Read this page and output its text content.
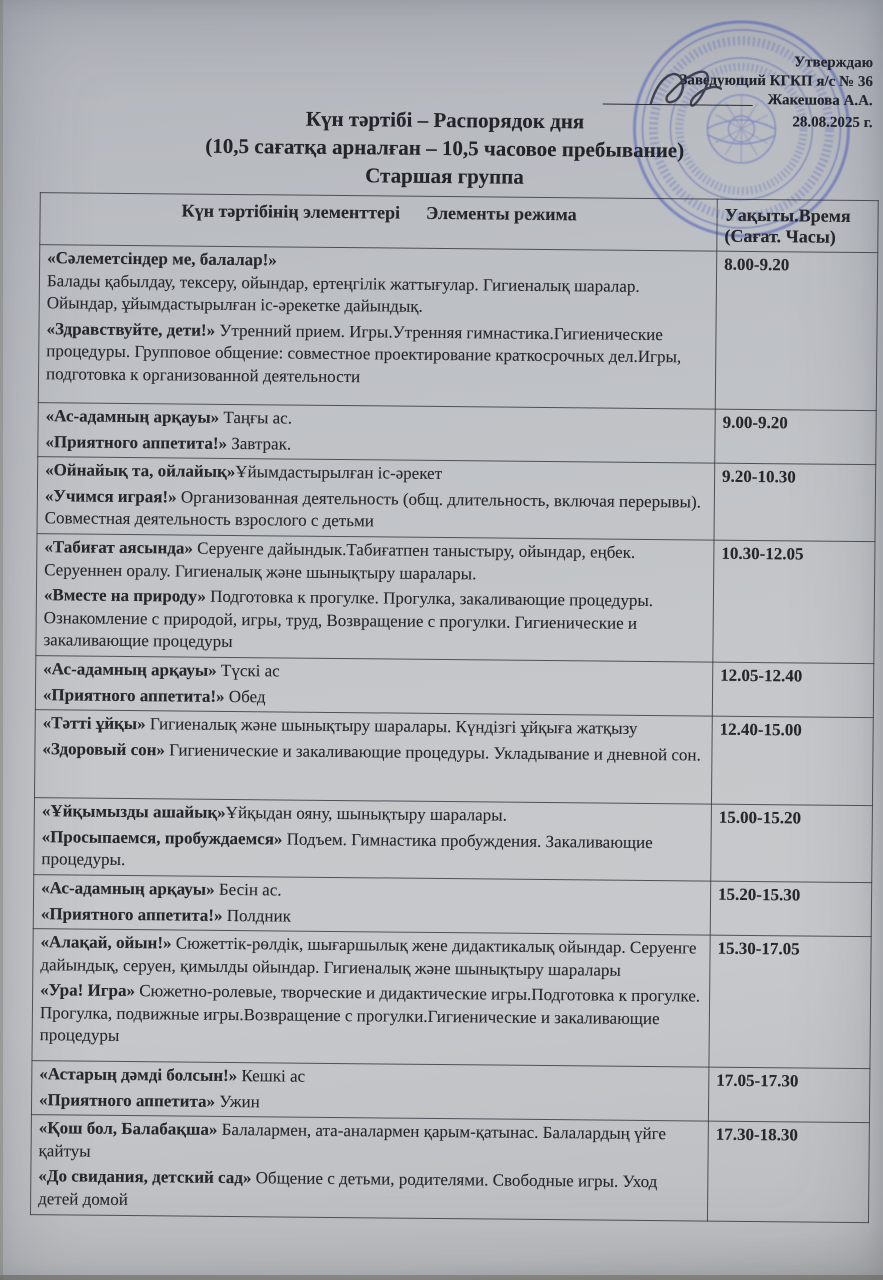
Утверждаю
Заведующий КГКП я/с № 36
Жакешова А.А.
28.08.2025 г.
Күн тәртібі – Распорядок дня
(10,5 сағатқа арналған – 10,5 часовое пребывание)
Старшая группа
Күн тәртібінің элементтері Элементы режима	Уақыты.Время
(Сағат. Часы)

«Сәлеметсіндер ме, балалар!»
Балады қабылдау, тексеру, ойындар, ертеңгілік жаттығулар. Гигиеналық шаралар. Ойындар, ұйымдастырылған іс-әрекетке дайындық.

«Здравствуйте, дети!» Утренний прием. Игры.Утренняя гимнастика.Гигиенические процедуры. Групповое общение: совместное проектирование краткосрочных дел.Игры, подготовка к организованной деятельности	8.00-9.20

«Ас-адамның арқауы» Таңғы ас.

«Приятного аппетита!» Завтрак.	9.00-9.20

«Ойнайық та, ойлайық»Ұйымдастырылған іс-әрекет

«Учимся играя!» Организованная деятельность (общ. длительность, включая перерывы). Совместная деятельность взрослого с детьми	9.20-10.30

«Табиғат аясында» Серуенге дайындык.Табиғатпен таныстыру, ойындар, еңбек. Серуеннен оралу. Гигиеналық және шынықтыру шаралары.

«Вместе на природу» Подготовка к прогулке. Прогулка, закаливающие процедуры. Ознакомление с природой, игры, труд, Возвращение с прогулки. Гигиенические и закаливающие процедуры	10.30-12.05

«Ас-адамның арқауы» Түскі ас

«Приятного аппетита!» Обед	12.05-12.40

«Тәтті ұйқы» Гигиеналық және шынықтыру шаралары. Күндізгі ұйқыға жатқызу

«Здоровый сон» Гигиенические и закаливающие процедуры. Укладывание и дневной сон.	12.40-15.00

«Ұйқымызды ашайық»Ұйқыдан ояну, шынықтыру шаралары.

«Просыпаемся, пробуждаемся» Подъем. Гимнастика пробуждения. Закаливающие процедуры.	15.00-15.20

«Ас-адамның арқауы» Бесін ас.

«Приятного аппетита!» Полдник	15.20-15.30

«Алақай, ойын!» Сюжеттік-рөлдік, шығаршылық жене дидактикалық ойындар. Серуенге дайындық, серуен, қимылды ойындар. Гигиеналық және шынықтыру шаралары

«Ура! Игра» Сюжетно-ролевые, творческие и дидактические игры.Подготовка к прогулке. Прогулка, подвижные игры.Возвращение с прогулки.Гигиенические и закаливающие процедуры	15.30-17.05

«Астарың дәмді болсын!» Кешкі ас

«Приятного аппетита» Ужин	17.05-17.30

«Қош бол, Балабақша» Балалармен, ата-аналармен қарым-қатынас. Балалардың үйге қайтуы

«До свидания, детский сад» Общение с детьми, родителями. Свободные игры. Уход детей домой	17.30-18.30
